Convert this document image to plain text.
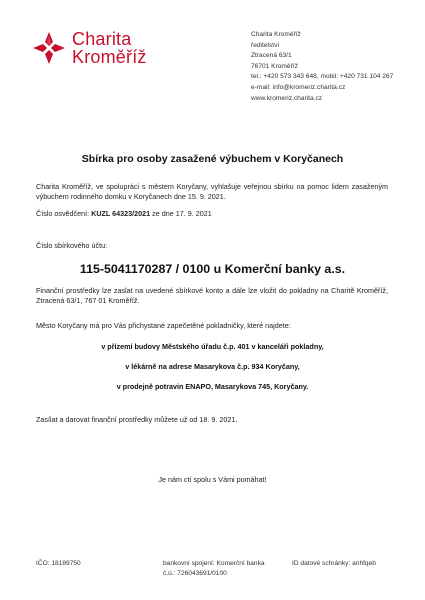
Charita
Kroměříž
Charita Kroměříž
ředitelství
Ztracená 63/1
76701 Kroměříž
tel.: +420 573 343 648, mobil: +420 731 104 267
e-mail: info@kromeriz.charita.cz
www.kromeriz.charita.cz
Sbírka pro osoby zasažené výbuchem v Koryčanech
Charita Kroměříž, ve spolupráci s městem Koryčany, vyhlašuje veřejnou sbírku na pomoc lidem zasaženým výbuchem rodinného domku v Koryčanech dne 15. 9. 2021.
Číslo osvědčení: KUZL 64323/2021 ze dne 17. 9. 2021
Číslo sbírkového účtu:
115-5041170287 / 0100 u Komerční banky a.s.
Finanční prostředky lze zaslat na uvedené sbírkové konto a dále lze vložit do pokladny na Charitě Kroměříž, Ztracená 63/1, 767 01 Kroměříž.
Město Koryčany má pro Vás přichystané zapečetěné pokladničky, které najdete:
v přízemí budovy Městského úřadu č.p. 401 v kanceláři pokladny,
v lékárně na adrese Masarykova č.p. 934 Koryčany,
v prodejně potravin ENAPO, Masarykova 745, Koryčany.
Zasílat a darovat finanční prostředky můžete už od 18. 9. 2021.
Je nám ctí spolu s Vámi pomáhat!
IČO: 18189750	bankovní spojení: Komerční banka
č.ú.: 726043691/0100
ID datové schránky: anhfqeb
